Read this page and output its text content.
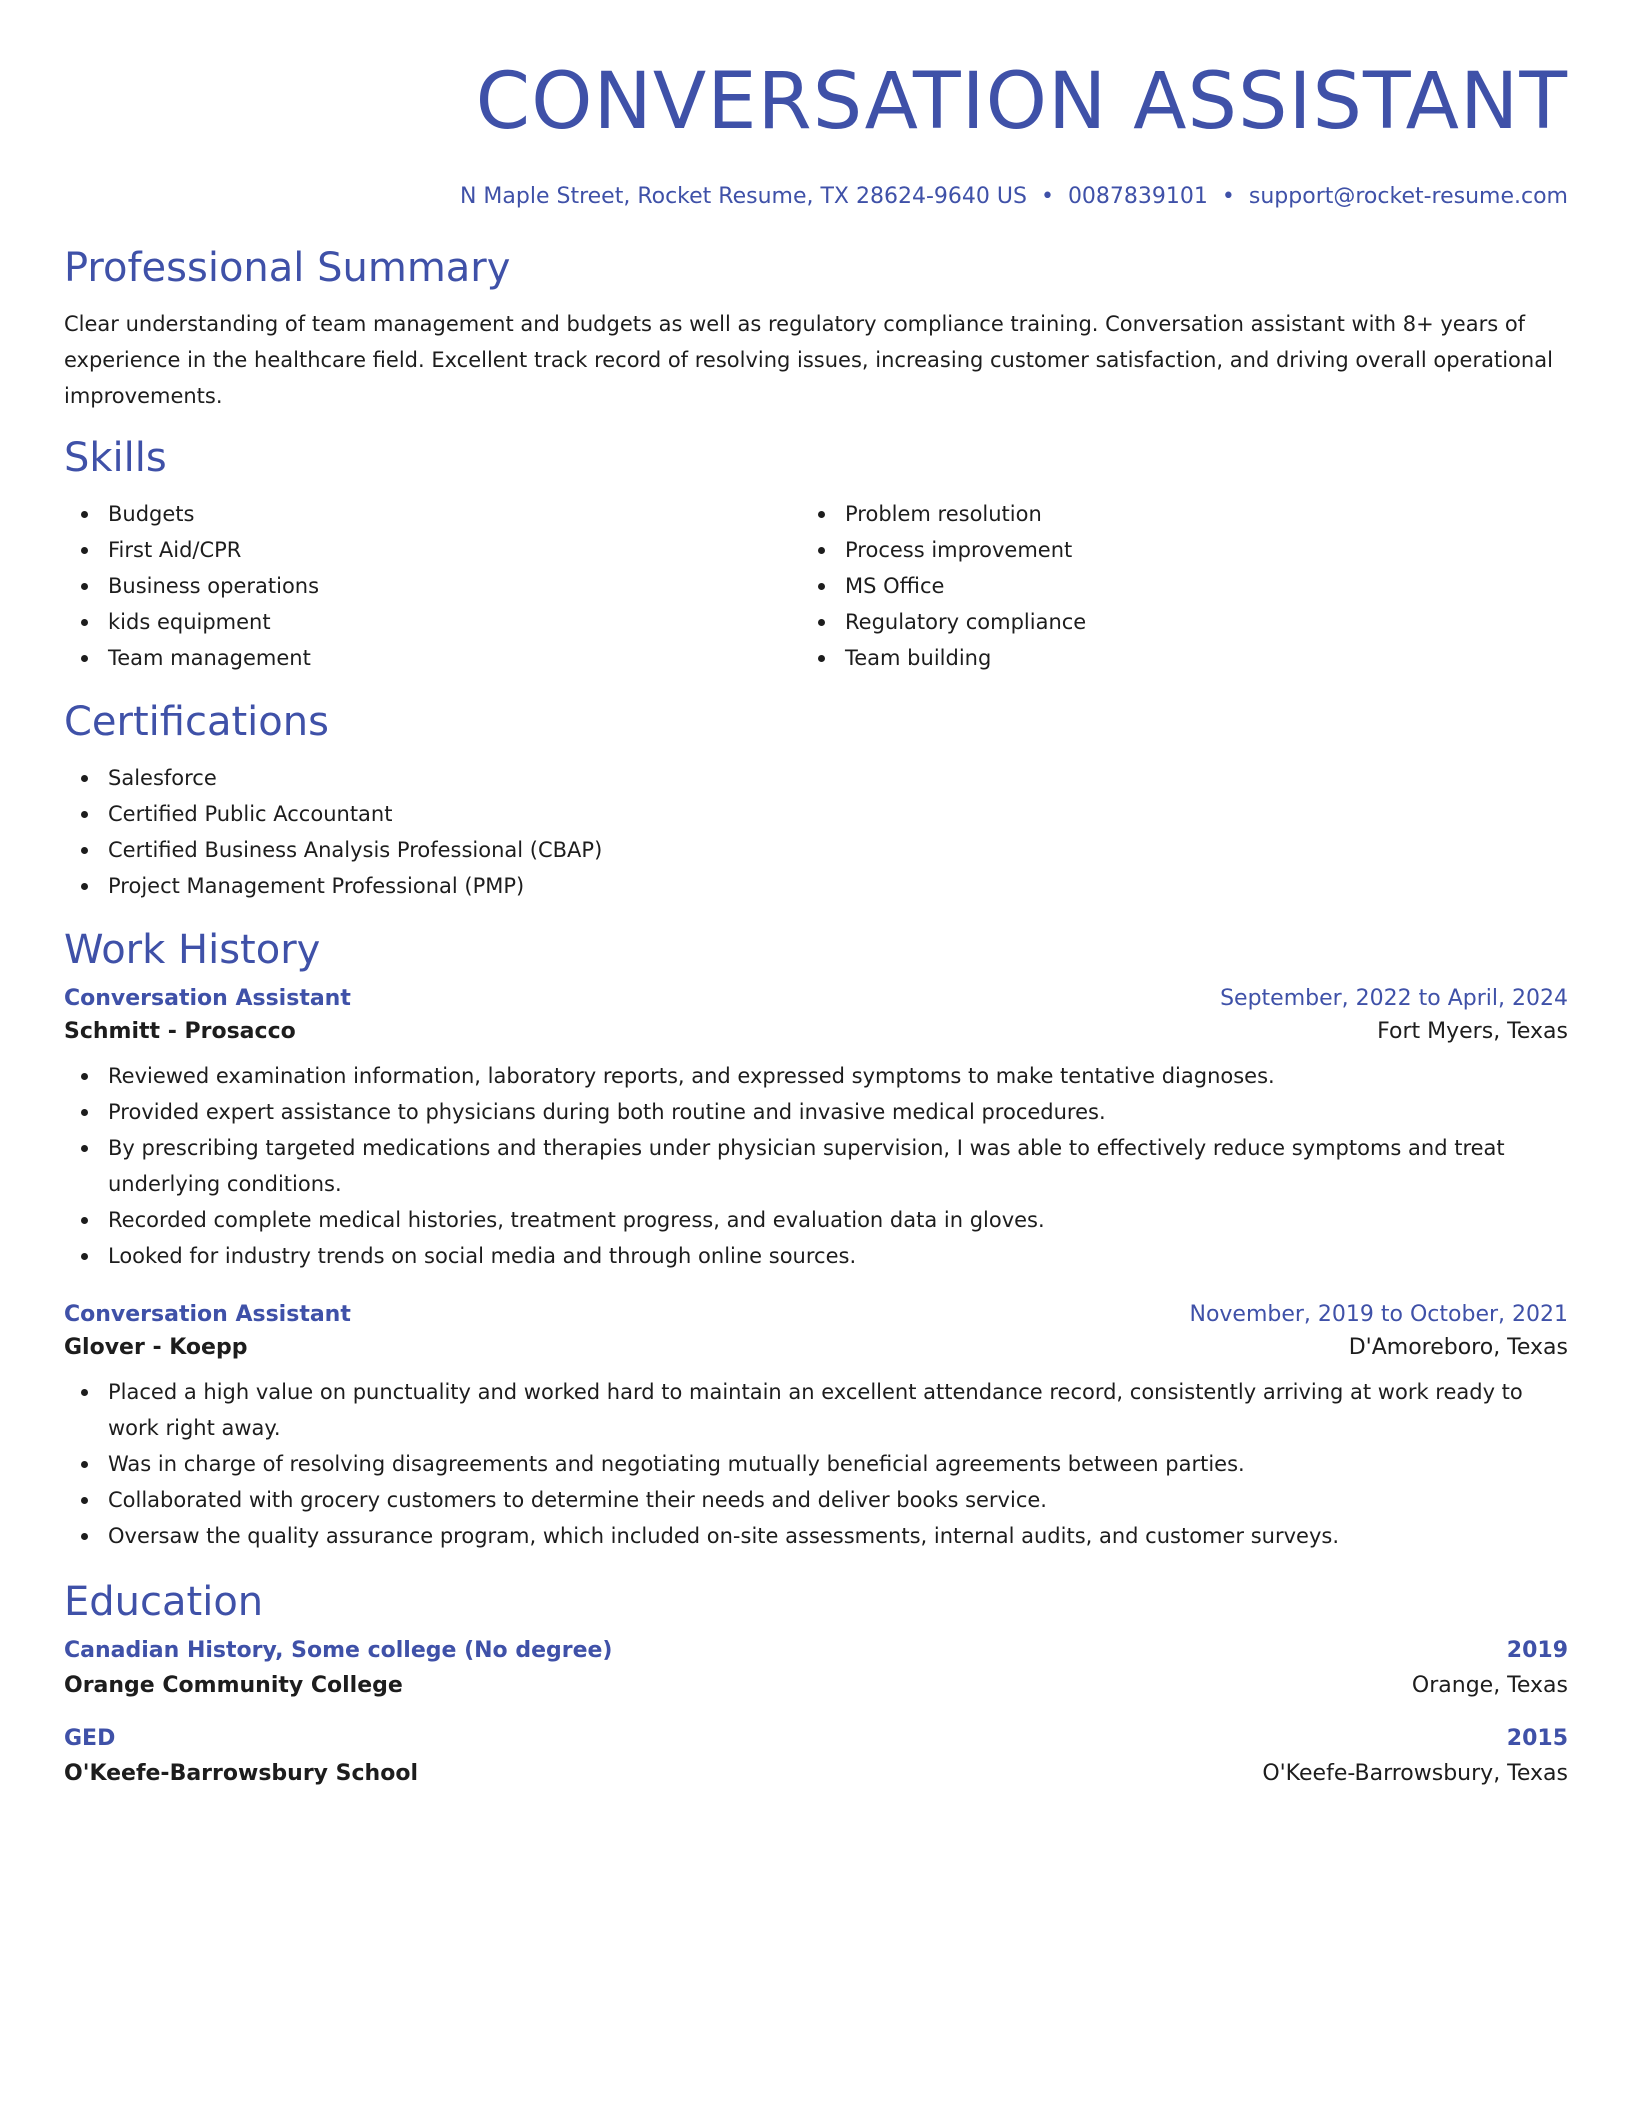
CONVERSATION ASSISTANT
N Maple Street, Rocket Resume, TX 28624-9640 US • 0087839101 • support@rocket-resume.com
Professional Summary

Clear understanding of team management and budgets as well as regulatory compliance training. Conversation assistant with 8+ years of experience in the healthcare field. Excellent track record of resolving issues, increasing customer satisfaction, and driving overall operational improvements.

Skills
Budgets
First Aid/CPR
Business operations
kids equipment
Team management
Problem resolution
Process improvement
MS Office
Regulatory compliance
Team building
Certifications
Salesforce
Certified Public Accountant
Certified Business Analysis Professional (CBAP)
Project Management Professional (PMP)
Work History
Conversation Assistant	September, 2022 to April, 2024
Schmitt - Prosacco	Fort Myers, Texas
Reviewed examination information, laboratory reports, and expressed symptoms to make tentative diagnoses.
Provided expert assistance to physicians during both routine and invasive medical procedures.
By prescribing targeted medications and therapies under physician supervision, I was able to effectively reduce symptoms and treat underlying conditions.
Recorded complete medical histories, treatment progress, and evaluation data in gloves.
Looked for industry trends on social media and through online sources.
Conversation Assistant	November, 2019 to October, 2021
Glover - Koepp	D'Amoreboro, Texas
Placed a high value on punctuality and worked hard to maintain an excellent attendance record, consistently arriving at work ready to work right away.
Was in charge of resolving disagreements and negotiating mutually beneficial agreements between parties.
Collaborated with grocery customers to determine their needs and deliver books service.
Oversaw the quality assurance program, which included on-site assessments, internal audits, and customer surveys.
Education
Canadian History, Some college (No degree)	2019
Orange Community College	Orange, Texas
GED	2015
O'Keefe-Barrowsbury School	O'Keefe-Barrowsbury, Texas
